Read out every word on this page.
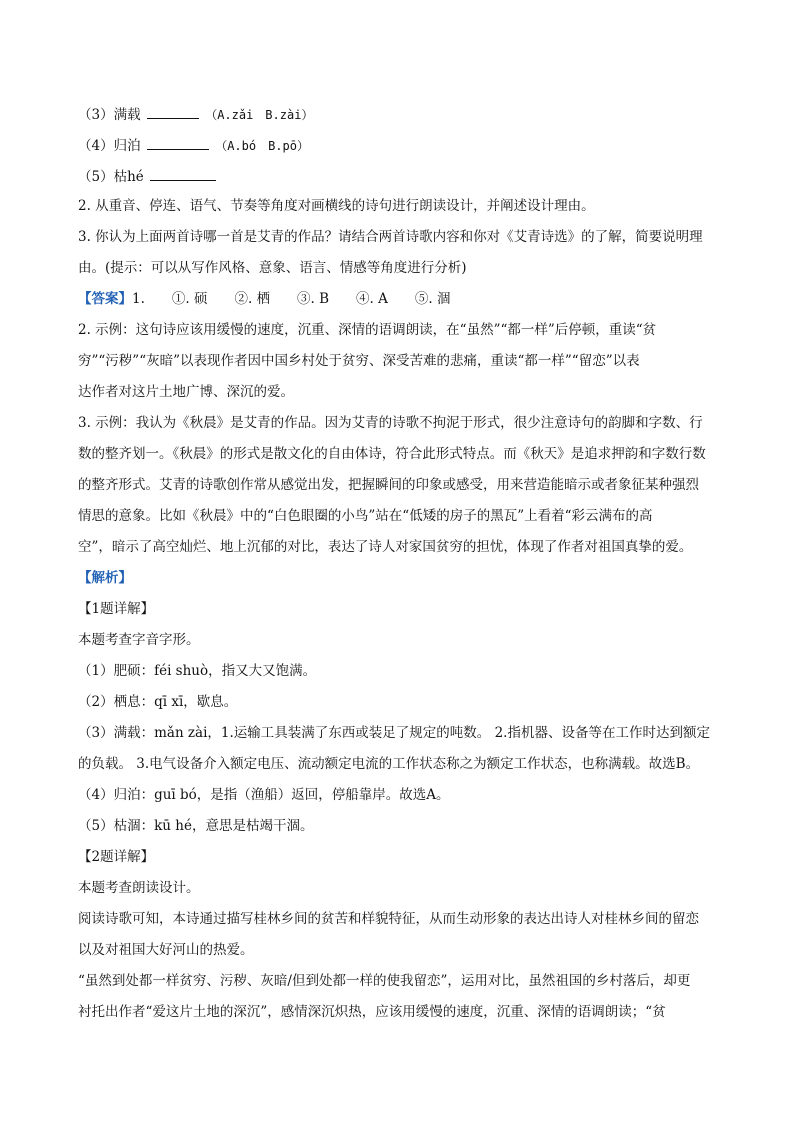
（3）满载	（A.zǎi　B.zài）
（4）归泊	（A.bó　B.pō）
（5）枯hé
2. 从重音、停连、语气、节奏等角度对画横线的诗句进行朗读设计，并阐述设计理由。
3. 你认为上面两首诗哪一首是艾青的作品？请结合两首诗歌内容和你对《艾青诗选》的了解，简要说明理
由。(提示：可以从写作风格、意象、语言、情感等角度进行分析)
【答案】1.　　①. 硕　　②. 栖　　③. B　　④. A　　⑤. 涸
2. 示例：这句诗应该用缓慢的速度，沉重、深情的语调朗读，在“虽然”“都一样”后停顿，重读“贫
穷”“污秽”“灰暗”以表现作者因中国乡村处于贫穷、深受苦难的悲痛，重读“都一样”“留恋”以表
达作者对这片土地广博、深沉的爱。
3. 示例：我认为《秋晨》是艾青的作品。因为艾青的诗歌不拘泥于形式，很少注意诗句的韵脚和字数、行
数的整齐划一。《秋晨》的形式是散文化的自由体诗，符合此形式特点。而《秋天》是追求押韵和字数行数
的整齐形式。艾青的诗歌创作常从感觉出发，把握瞬间的印象或感受，用来营造能暗示或者象征某种强烈
情思的意象。比如《秋晨》中的“白色眼圈的小鸟”站在“低矮的房子的黑瓦”上看着“彩云满布的高
空”，暗示了高空灿烂、地上沉郁的对比，表达了诗人对家国贫穷的担忧，体现了作者对祖国真挚的爱。
【解析】
【1题详解】
本题考查字音字形。
（1）肥硕：féi shuò，指又大又饱满。
（2）栖息：qī xī，歇息。
（3）满载：mǎn zài，1.运输工具装满了东西或装足了规定的吨数。 2.指机器、设备等在工作时达到额定
的负载。 3.电气设备介入额定电压、流动额定电流的工作状态称之为额定工作状态，也称满载。故选B。
（4）归泊：guī bó，是指（渔船）返回，停船靠岸。故选A。
（5）枯涸：kū hé，意思是枯竭干涸。
【2题详解】
本题考查朗读设计。
阅读诗歌可知，本诗通过描写桂林乡间的贫苦和样貌特征，从而生动形象的表达出诗人对桂林乡间的留恋
以及对祖国大好河山的热爱。
“虽然到处都一样贫穷、污秽、灰暗/但到处都一样的使我留恋”，运用对比，虽然祖国的乡村落后，却更
衬托出作者“爱这片土地的深沉”，感情深沉炽热，应该用缓慢的速度，沉重、深情的语调朗读；“贫
